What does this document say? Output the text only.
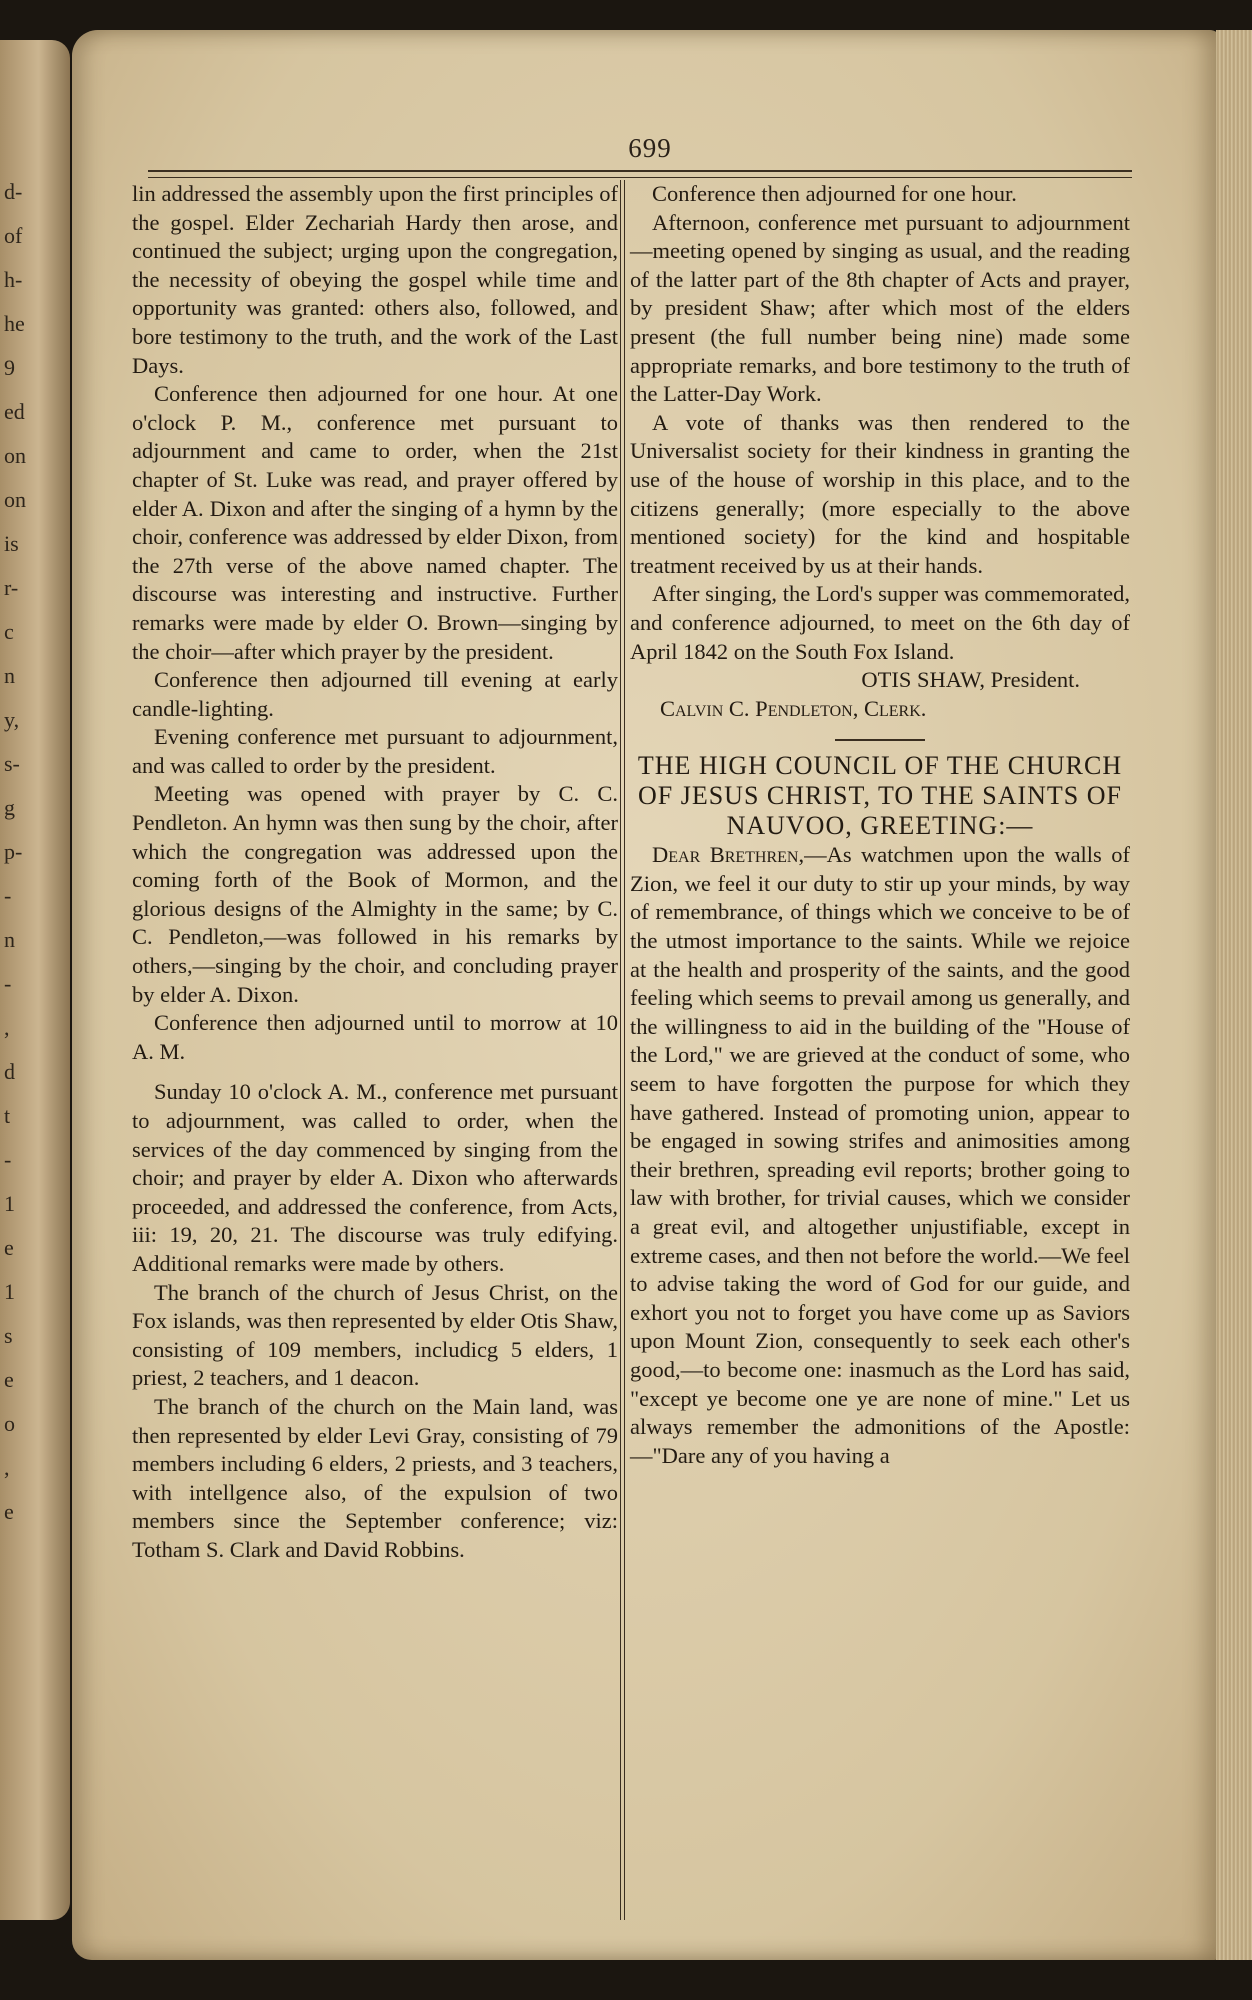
d-
of
h-
he
9
ed
on
on
is
r-
c
n
y,
s-
g
p-
-
n
-
,
d
t
-
1
e
1
s
e
o
,
e
699

lin addressed the assembly upon the first principles of the gospel. Elder Zechariah Hardy then arose, and continued the subject; urging upon the congregation, the necessity of obeying the gospel while time and opportunity was granted: others also, followed, and bore testimony to the truth, and the work of the Last Days.

Conference then adjourned for one hour. At one o'clock P. M., conference met pursuant to adjournment and came to order, when the 21st chapter of St. Luke was read, and prayer offered by elder A. Dixon and after the singing of a hymn by the choir, conference was addressed by elder Dixon, from the 27th verse of the above named chapter. The discourse was interesting and instructive. Further remarks were made by elder O. Brown—singing by the choir—after which prayer by the president.

Conference then adjourned till evening at early candle-lighting.

Evening conference met pursuant to adjournment, and was called to order by the president.

Meeting was opened with prayer by C. C. Pendleton. An hymn was then sung by the choir, after which the congregation was addressed upon the coming forth of the Book of Mormon, and the glorious designs of the Almighty in the same; by C. C. Pendleton,—was followed in his remarks by others,—singing by the choir, and concluding prayer by elder A. Dixon.

Conference then adjourned until to morrow at 10 A. M.

Sunday 10 o'clock A. M., conference met pursuant to adjournment, was called to order, when the services of the day commenced by singing from the choir; and prayer by elder A. Dixon who afterwards proceeded, and addressed the conference, from Acts, iii: 19, 20, 21. The discourse was truly edifying. Additional remarks were made by others.

The branch of the church of Jesus Christ, on the Fox islands, was then represented by elder Otis Shaw, consisting of 109 members, includicg 5 elders, 1 priest, 2 teachers, and 1 deacon.

The branch of the church on the Main land, was then represented by elder Levi Gray, consisting of 79 members including 6 elders, 2 priests, and 3 teachers, with intellgence also, of the expulsion of two members since the September conference; viz: Totham S. Clark and David Robbins.

Conference then adjourned for one hour.

Afternoon, conference met pursuant to adjournment—meeting opened by singing as usual, and the reading of the latter part of the 8th chapter of Acts and prayer, by president Shaw; after which most of the elders present (the full number being nine) made some appropriate remarks, and bore testimony to the truth of the Latter-Day Work.

A vote of thanks was then rendered to the Universalist society for their kindness in granting the use of the house of worship in this place, and to the citizens generally; (more especially to the above mentioned society) for the kind and hospitable treatment received by us at their hands.

After singing, the Lord's supper was commemorated, and conference adjourned, to meet on the 6th day of April 1842 on the South Fox Island.

OTIS SHAW, President.

Calvin C. Pendleton, Clerk.

THE HIGH COUNCIL OF THE CHURCH OF JESUS CHRIST, TO THE SAINTS OF NAUVOO, GREETING:—

Dear Brethren,—As watchmen upon the walls of Zion, we feel it our duty to stir up your minds, by way of remembrance, of things which we conceive to be of the utmost importance to the saints. While we rejoice at the health and prosperity of the saints, and the good feeling which seems to prevail among us generally, and the willingness to aid in the building of the "House of the Lord," we are grieved at the conduct of some, who seem to have forgotten the purpose for which they have gathered. Instead of promoting union, appear to be engaged in sowing strifes and animosities among their brethren, spreading evil reports; brother going to law with brother, for trivial causes, which we consider a great evil, and altogether unjustifiable, except in extreme cases, and then not before the world.—We feel to advise taking the word of God for our guide, and exhort you not to forget you have come up as Saviors upon Mount Zion, consequently to seek each other's good,—to become one: inasmuch as the Lord has said, "except ye become one ye are none of mine." Let us always remember the admonitions of the Apostle:—"Dare any of you having a
